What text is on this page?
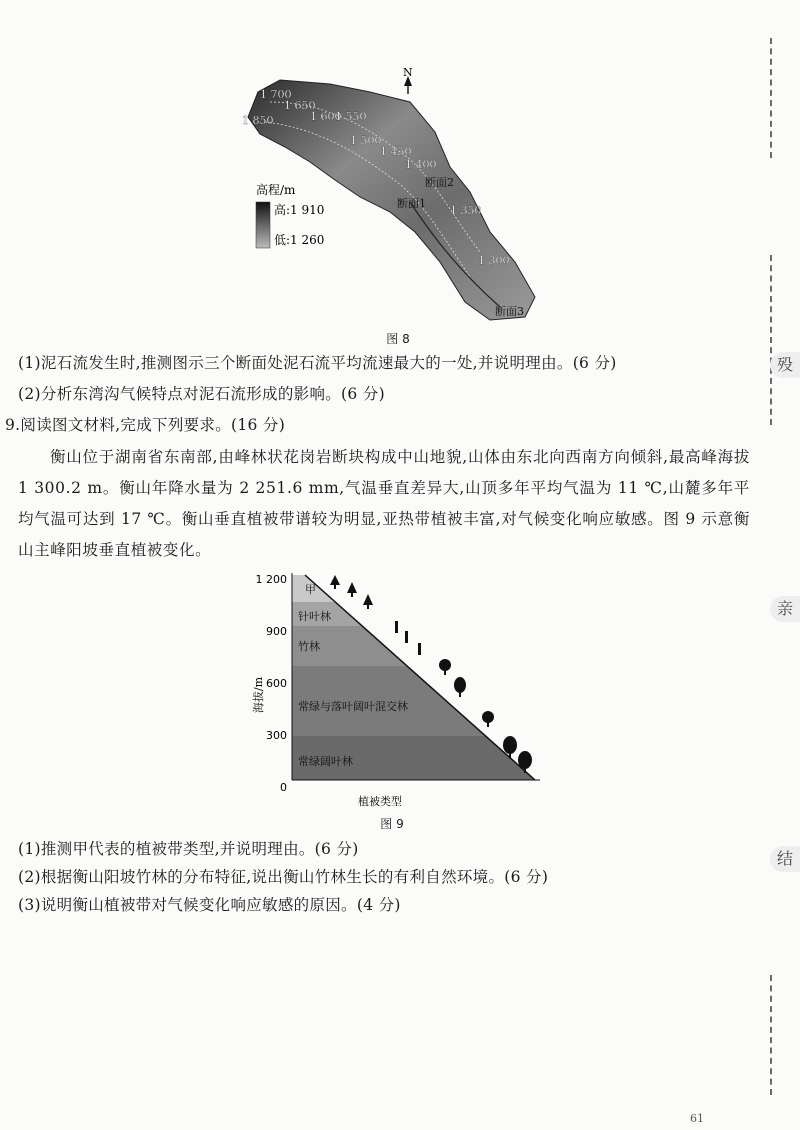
殁
亲
结
N
1 700
1 650
1 850	1 600
1 550
1 500
1 450
1 400
1 350
1 300
断面1
断面2
断面3
高程/m
高:1 910
低:1 260
图 8
(1)泥石流发生时,推测图示三个断面处泥石流平均流速最大的一处,并说明理由。(6 分)
(2)分析东湾沟气候特点对泥石流形成的影响。(6 分)
9.阅读图文材料,完成下列要求。(16 分)
衡山位于湖南省东南部,由峰林状花岗岩断块构成中山地貌,山体由东北向西南方向倾斜,最高峰海拔 1 300.2 m。衡山年降水量为 2 251.6 mm,气温垂直差异大,山顶多年平均气温为 11 ℃,山麓多年平均气温可达到 17 ℃。衡山垂直植被带谱较为明显,亚热带植被丰富,对气候变化响应敏感。图 9 示意衡山主峰阳坡垂直植被变化。
1 200
900
600
300
0
海拔/m
植被类型
甲
针叶林
竹林
常绿与落叶阔叶混交林
常绿阔叶林
图 9
(1)推测甲代表的植被带类型,并说明理由。(6 分)
(2)根据衡山阳坡竹林的分布特征,说出衡山竹林生长的有利自然环境。(6 分)
(3)说明衡山植被带对气候变化响应敏感的原因。(4 分)
61
